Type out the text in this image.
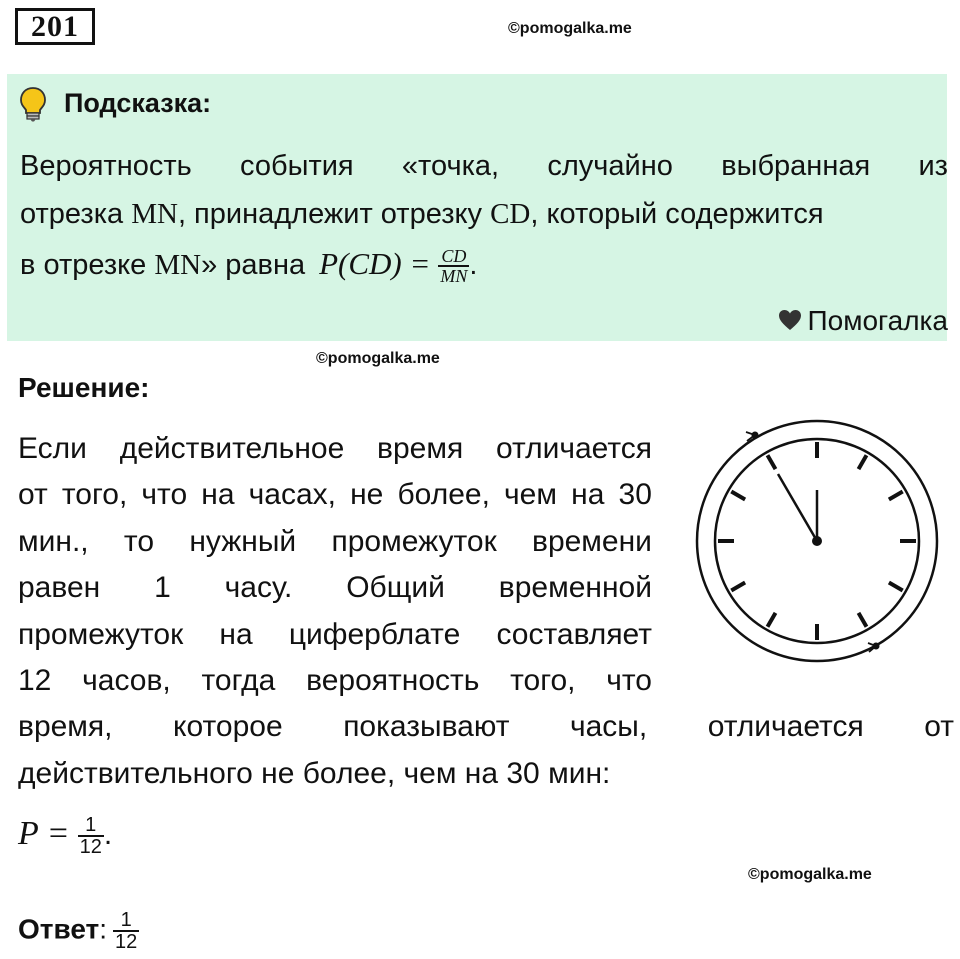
201	©pomogalka.me
Подсказка:
Вероятность события «точка, случайно выбранная из
отрезка MN, принадлежит отрезку CD, который содержится
в отрезке MN» равна $P(CD) = \frac{CD}{MN}$ .
Помогалка
©pomogalka.me
Решение:
Если действительное время отличается
от того, что на часах, не более, чем на 30
мин., то нужный промежуток времени
равен 1 часу. Общий временной
промежуток на циферблате составляет
12 часов, тогда вероятность того, что
время, которое показывают часы, отличается от
действительного не более, чем на 30 мин:
$P = \frac{1}{12}$ .
©pomogalka.me
Ответ: $\frac{1}{12}$
